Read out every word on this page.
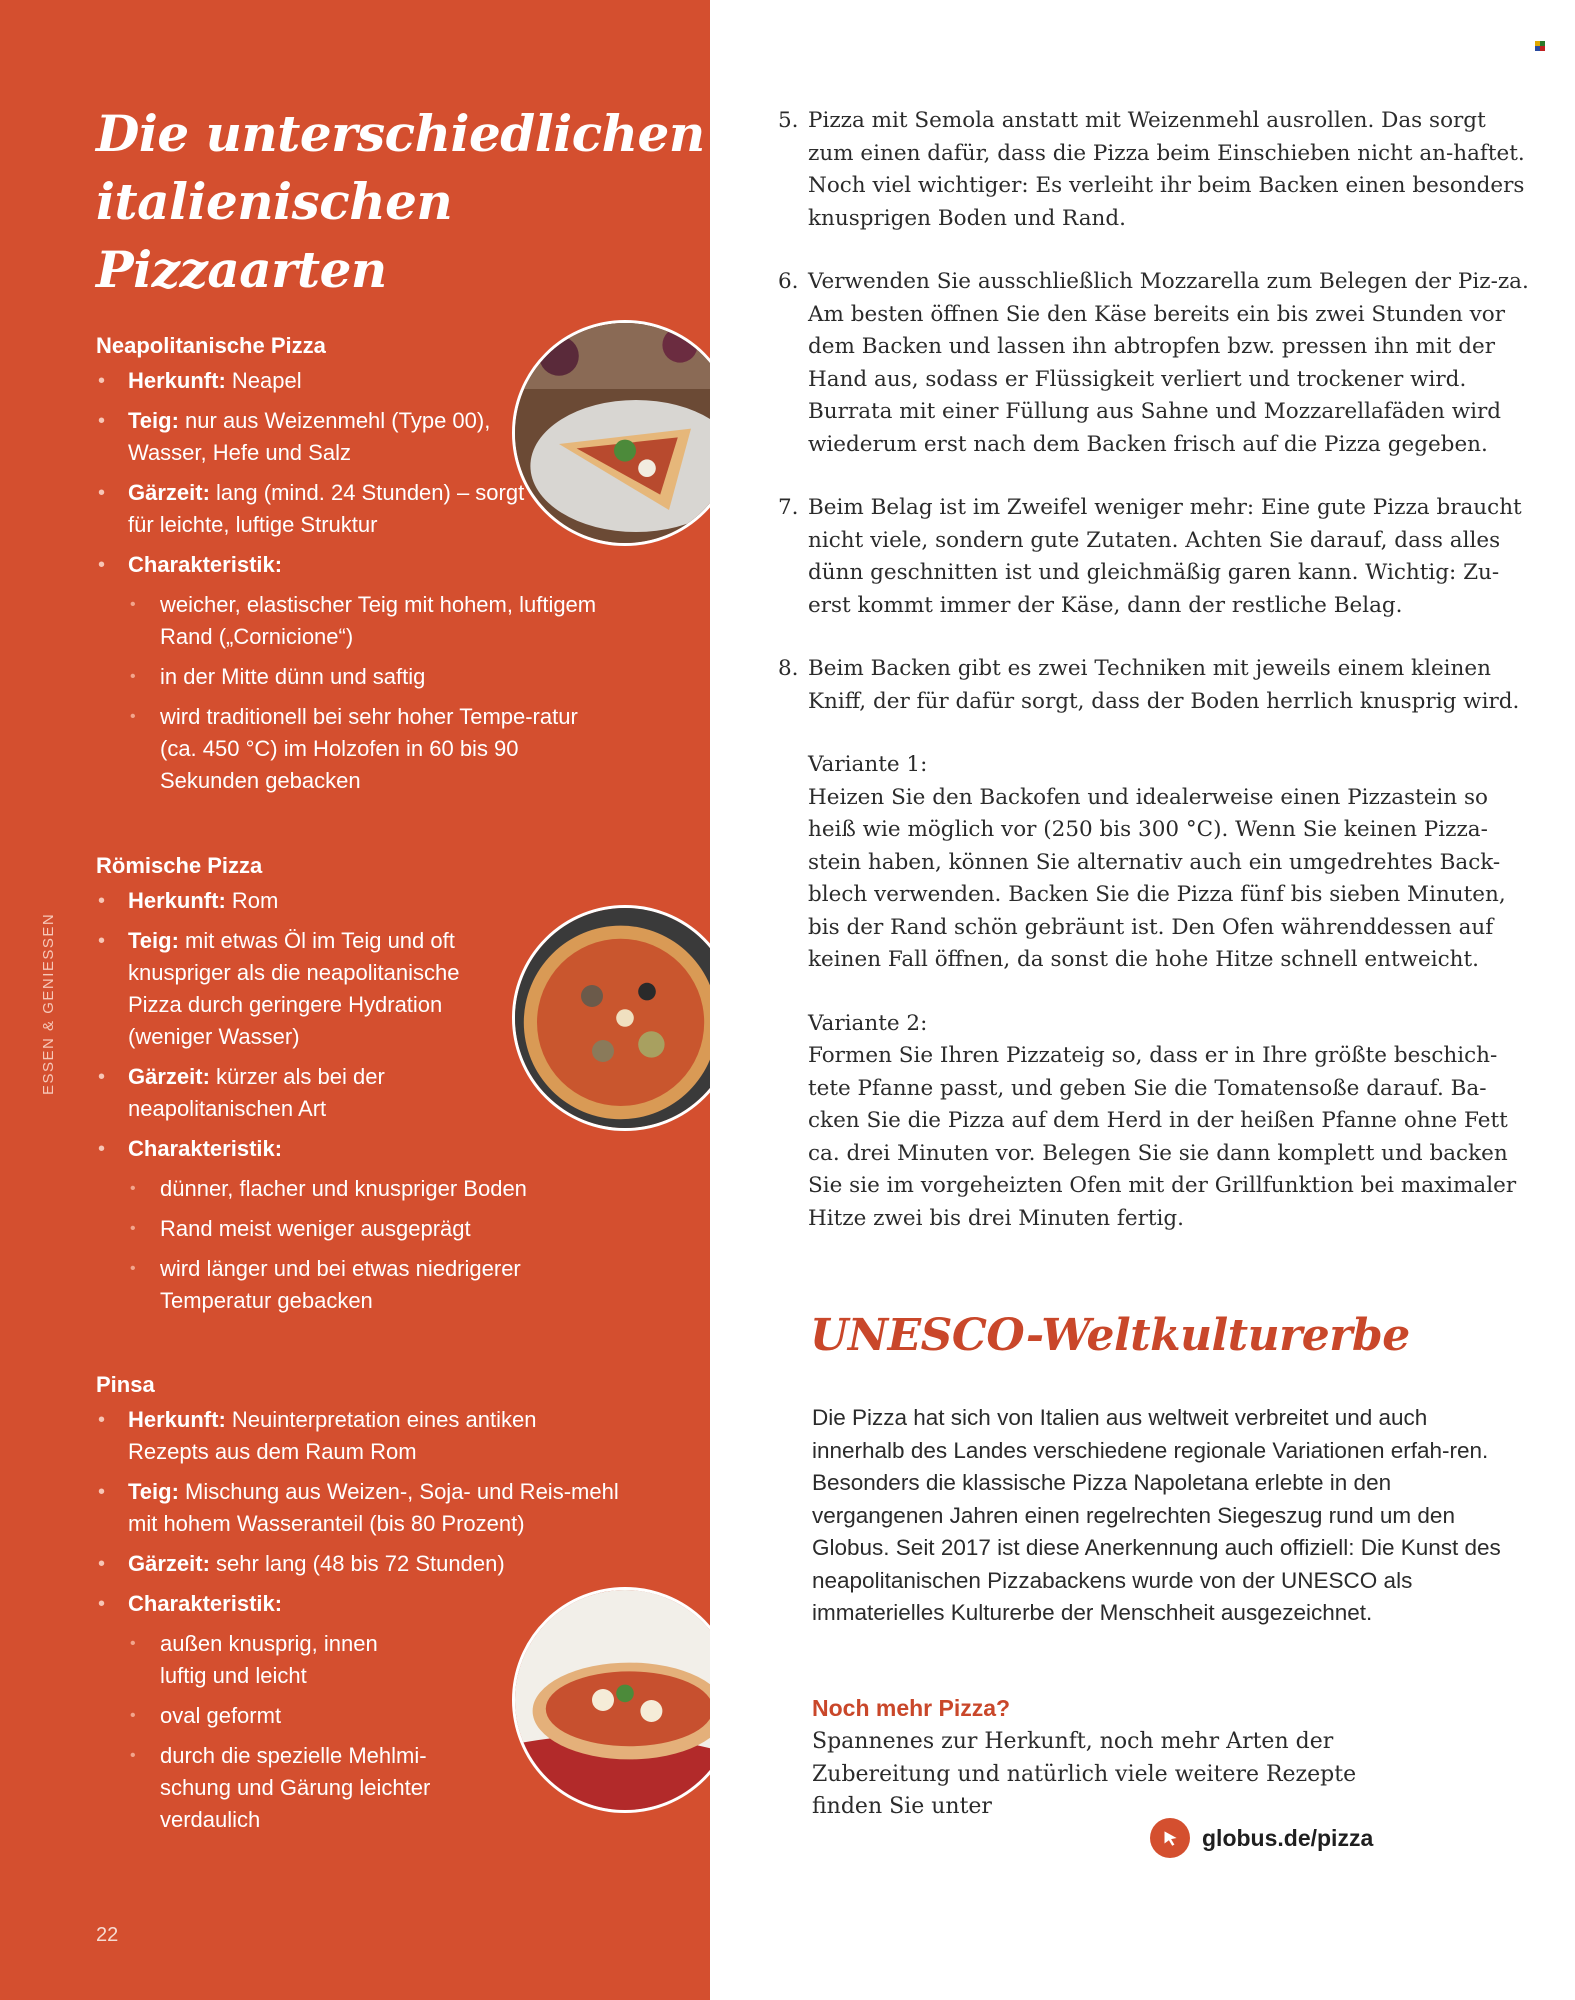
Die unterschiedlichen
italienischen Pizzaarten
Neapolitanische Pizza
• Herkunft: Neapel
• Teig: nur aus Weizenmehl (Type 00), Wasser, Hefe und Salz
• Gärzeit: lang (mind. 24 Stunden) – sorgt für leichte, luftige Struktur
• Charakteristik:
• weicher, elastischer Teig mit hohem, luftigem Rand („Cornicione“)
• in der Mitte dünn und saftig
• wird traditionell bei sehr hoher Tempe-ratur (ca. 450 °C) im Holzofen in 60 bis 90 Sekunden gebacken
Römische Pizza
• Herkunft: Rom
• Teig: mit etwas Öl im Teig und oft knuspriger als die neapolitanische Pizza durch geringere Hydration (weniger Wasser)
• Gärzeit: kürzer als bei der neapolitanischen Art
• Charakteristik:
• dünner, flacher und knuspriger Boden
• Rand meist weniger ausgeprägt
• wird länger und bei etwas niedrigerer Temperatur gebacken
Pinsa
• Herkunft: Neuinterpretation eines antiken Rezepts aus dem Raum Rom
• Teig: Mischung aus Weizen-, Soja- und Reis-mehl mit hohem Wasseranteil (bis 80 Prozent)
• Gärzeit: sehr lang (48 bis 72 Stunden)
• Charakteristik:
• außen knusprig, innen luftig und leicht
• oval geformt
• durch die spezielle Mehlmi-schung und Gärung leichter verdaulich
ESSEN & GENIESSEN
22
5. Pizza mit Semola anstatt mit Weizenmehl ausrollen. Das sorgt zum einen dafür, dass die Pizza beim Einschieben nicht an-haftet. Noch viel wichtiger: Es verleiht ihr beim Backen einen besonders knusprigen Boden und Rand.
6. Verwenden Sie ausschließlich Mozzarella zum Belegen der Piz-za. Am besten öffnen Sie den Käse bereits ein bis zwei Stunden vor dem Backen und lassen ihn abtropfen bzw. pressen ihn mit der Hand aus, sodass er Flüssigkeit verliert und trockener wird. Burrata mit einer Füllung aus Sahne und Mozzarellafäden wird wiederum erst nach dem Backen frisch auf die Pizza gegeben.
7. Beim Belag ist im Zweifel weniger mehr: Eine gute Pizza braucht nicht viele, sondern gute Zutaten. Achten Sie darauf, dass alles dünn geschnitten ist und gleichmäßig garen kann. Wichtig: Zu-erst kommt immer der Käse, dann der restliche Belag.
8. Beim Backen gibt es zwei Techniken mit jeweils einem kleinen Kniff, der für dafür sorgt, dass der Boden herrlich knusprig wird.
Variante 1:
Heizen Sie den Backofen und idealerweise einen Pizzastein so heiß wie möglich vor (250 bis 300 °C). Wenn Sie keinen Pizza-stein haben, können Sie alternativ auch ein umgedrehtes Back-blech verwenden. Backen Sie die Pizza fünf bis sieben Minuten, bis der Rand schön gebräunt ist. Den Ofen währenddessen auf keinen Fall öffnen, da sonst die hohe Hitze schnell entweicht.
Variante 2:
Formen Sie Ihren Pizzateig so, dass er in Ihre größte beschich-tete Pfanne passt, und geben Sie die Tomatensoße darauf. Ba-cken Sie die Pizza auf dem Herd in der heißen Pfanne ohne Fett ca. drei Minuten vor. Belegen Sie sie dann komplett und backen Sie sie im vorgeheizten Ofen mit der Grillfunktion bei maximaler Hitze zwei bis drei Minuten fertig.
UNESCO-Weltkulturerbe

Die Pizza hat sich von Italien aus weltweit verbreitet und auch innerhalb des Landes verschiedene regionale Variationen erfah-ren. Besonders die klassische Pizza Napoletana erlebte in den vergangenen Jahren einen regelrechten Siegeszug rund um den Globus. Seit 2017 ist diese Anerkennung auch offiziell: Die Kunst des neapolitanischen Pizzabackens wurde von der UNESCO als immaterielles Kulturerbe der Menschheit ausgezeichnet.

Noch mehr Pizza?

Spannenes zur Herkunft, noch mehr Arten der Zubereitung und natürlich viele weitere Rezepte finden Sie unter

globus.de/pizza
